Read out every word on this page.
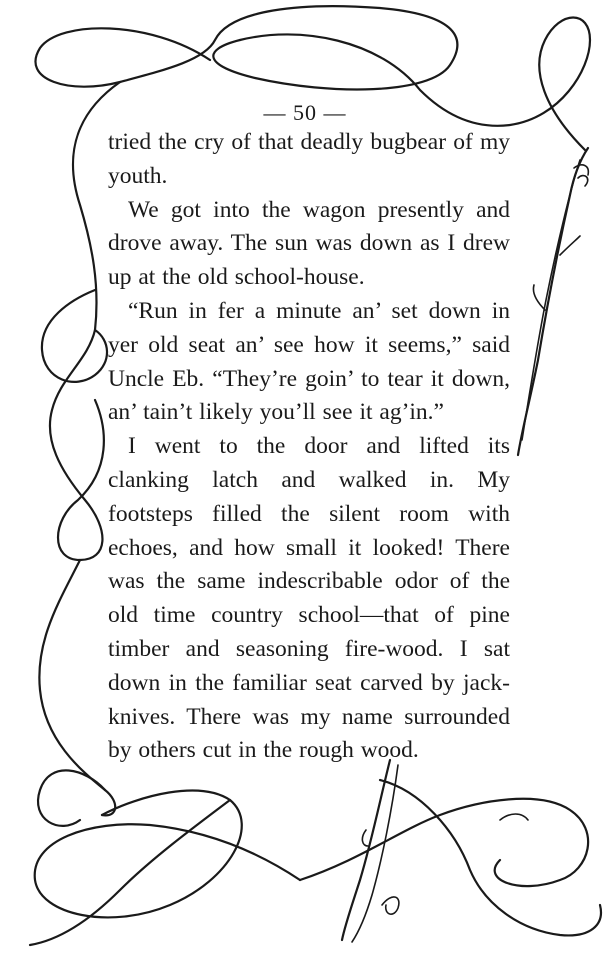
— 50 —

tried the cry of that deadly bugbear of my youth.

We got into the wagon presently and drove away. The sun was down as I drew up at the old school-house.

“Run in fer a minute an’ set down in yer old seat an’ see how it seems,” said Uncle Eb. “They’re goin’ to tear it down, an’ tain’t likely you’ll see it ag’in.”

I went to the door and lifted its clanking latch and walked in. My footsteps filled the silent room with echoes, and how small it looked! There was the same indescribable odor of the old time country school—that of pine timber and seasoning fire-wood. I sat down in the familiar seat carved by jack-knives. There was my name surrounded by others cut in the rough wood.
